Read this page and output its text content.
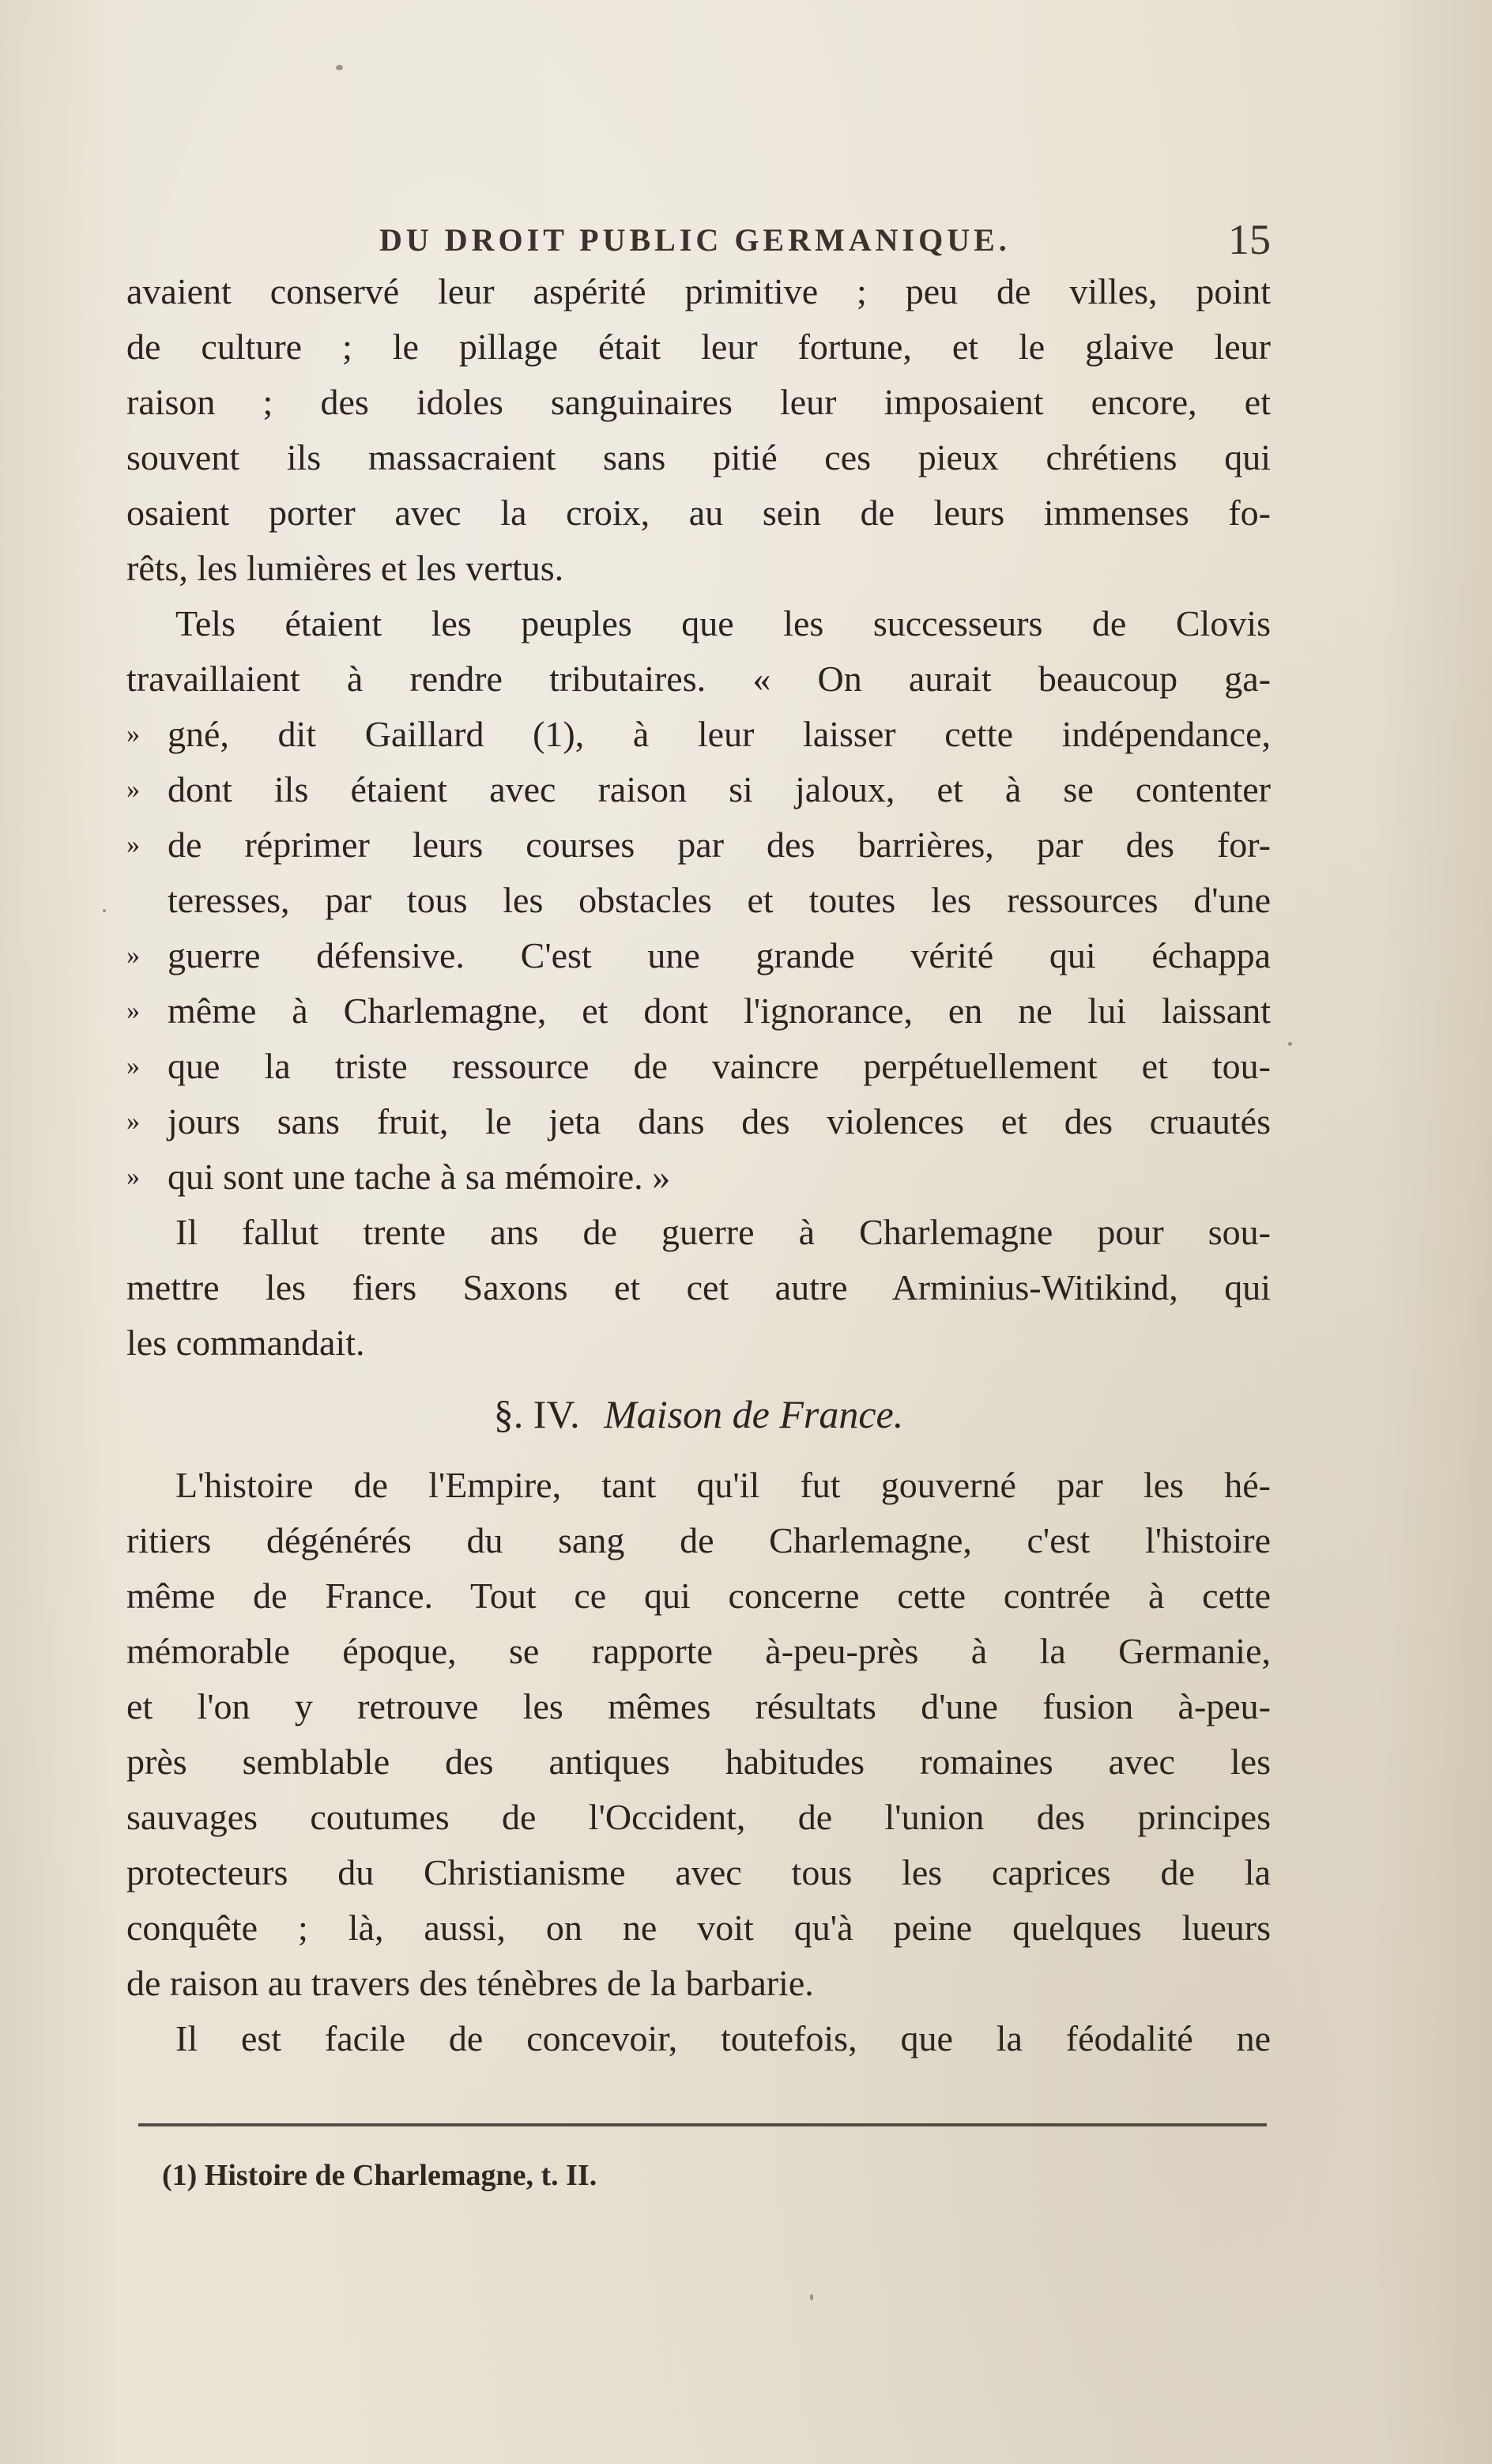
DU DROIT PUBLIC GERMANIQUE.	15
avaient conservé leur aspérité primitive ; peu de villes, point
de culture ; le pillage était leur fortune, et le glaive leur
raison ; des idoles sanguinaires leur imposaient encore, et
souvent ils massacraient sans pitié ces pieux chrétiens qui
osaient porter avec la croix, au sein de leurs immenses fo-
rêts, les lumières et les vertus.
Tels étaient les peuples que les successeurs de Clovis
travaillaient à rendre tributaires. « On aurait beaucoup ga-
» gné, dit Gaillard (1), à leur laisser cette indépendance,
» dont ils étaient avec raison si jaloux, et à se contenter
» de réprimer leurs courses par des barrières, par des for-
teresses, par tous les obstacles et toutes les ressources d'une
» guerre défensive. C'est une grande vérité qui échappa
» même à Charlemagne, et dont l'ignorance, en ne lui laissant
» que la triste ressource de vaincre perpétuellement et tou-
» jours sans fruit, le jeta dans des violences et des cruautés
» qui sont une tache à sa mémoire. »
Il fallut trente ans de guerre à Charlemagne pour sou-
mettre les fiers Saxons et cet autre Arminius-Witikind, qui
les commandait.
§. IV. Maison de France.
L'histoire de l'Empire, tant qu'il fut gouverné par les hé-
ritiers dégénérés du sang de Charlemagne, c'est l'histoire
même de France. Tout ce qui concerne cette contrée à cette
mémorable époque, se rapporte à-peu-près à la Germanie,
et l'on y retrouve les mêmes résultats d'une fusion à-peu-
près semblable des antiques habitudes romaines avec les
sauvages coutumes de l'Occident, de l'union des principes
protecteurs du Christianisme avec tous les caprices de la
conquête ; là, aussi, on ne voit qu'à peine quelques lueurs
de raison au travers des ténèbres de la barbarie.
Il est facile de concevoir, toutefois, que la féodalité ne
(1) Histoire de Charlemagne, t. II.
